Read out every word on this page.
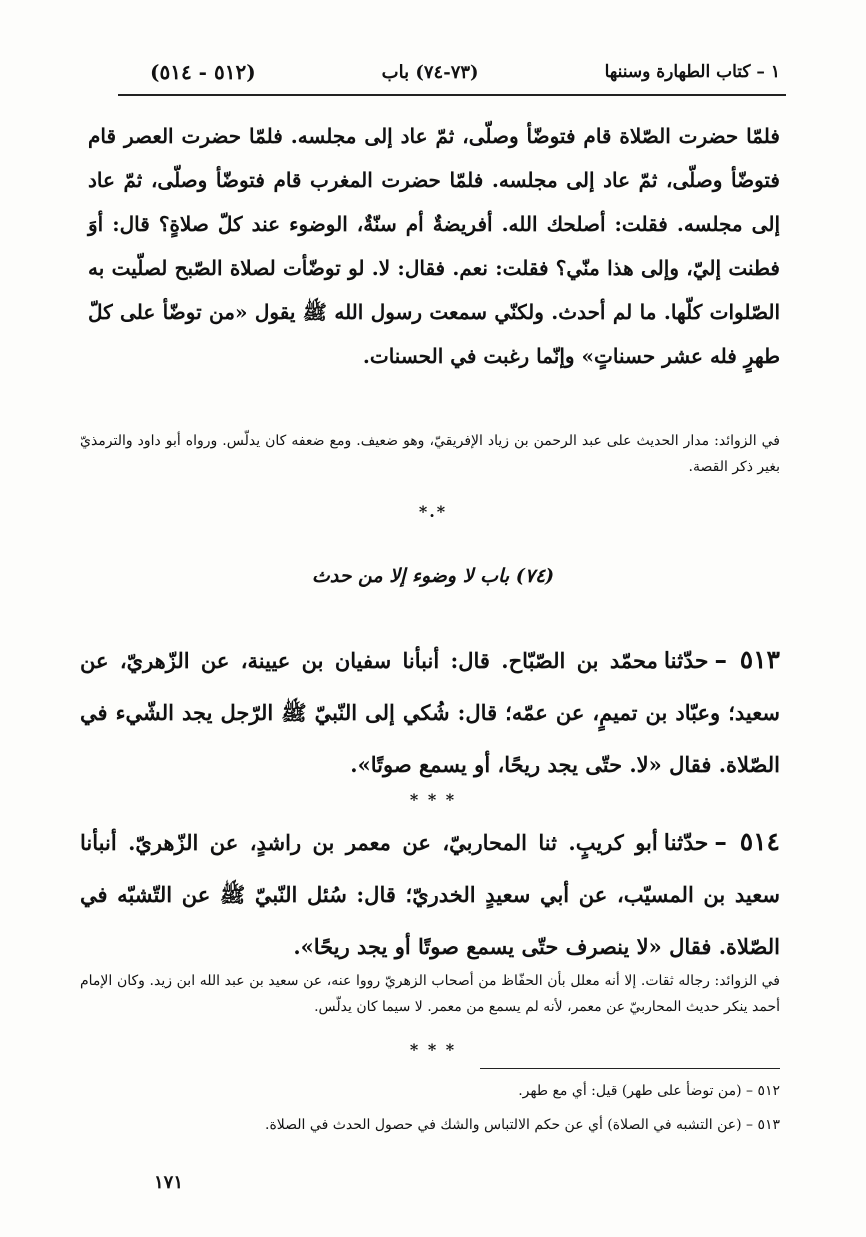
١ – كتاب الطهارة وسننها
(٧٣-٧٤) باب
(٥١٢ - ٥١٤)

فلمّا حضرت الصّلاة قام فتوضّأ وصلّى، ثمّ عاد إلى مجلسه. فلمّا حضرت العصر قام فتوضّأ وصلّى، ثمّ عاد إلى مجلسه. فلمّا حضرت المغرب قام فتوضّأ وصلّى، ثمّ عاد إلى مجلسه. فقلت: أصلحك الله. أفريضةٌ أم سنّةٌ، الوضوء عند كلّ صلاةٍ؟ قال: أوَ فطنت إليّ، وإلى هذا منّي؟ فقلت: نعم. فقال: لا. لو توضّأت لصلاة الصّبح لصلّيت به الصّلوات كلّها. ما لم أحدث. ولكنّي سمعت رسول الله ﷺ يقول «من توضّأ على كلّ طهرٍ فله عشر حسناتٍ» وإنّما رغبت في الحسنات.

في الزوائد: مدار الحديث على عبد الرحمن بن زياد الإفريقيّ، وهو ضعيف. ومع ضعفه كان يدلّس. ورواه أبو داود والترمذيّ بغير ذكر القصة.

*.*
(٧٤) باب لا وضوء إلا من حدث

٥١٣ –حدّثنامحمّد بن الصّبّاح. قال: أنبأنا سفيان بن عيينة، عن الزّهريّ، عن سعيد؛ وعبّاد بن تميمٍ، عن عمّه؛ قال: شُكي إلى النّبيّ ﷺ الرّجل يجد الشّيء في الصّلاة. فقال «لا. حتّى يجد ريحًا، أو يسمع صوتًا».

* * *

٥١٤ –حدّثناأبو كريبٍ. ثنا المحاربيّ، عن معمر بن راشدٍ، عن الزّهريّ. أنبأنا سعيد بن المسيّب، عن أبي سعيدٍ الخدريّ؛ قال: سُئل النّبيّ ﷺ عن التّشبّه في الصّلاة. فقال «لا ينصرف حتّى يسمع صوتًا أو يجد ريحًا».

في الزوائد: رجاله ثقات. إلا أنه معلل بأن الحفّاظ من أصحاب الزهريّ رووا عنه، عن سعيد بن عبد الله ابن زيد. وكان الإمام أحمد ينكر حديث المحاربيّ عن معمر، لأنه لم يسمع من معمر. لا سيما كان يدلّس.

* * *
٥١٢ – (من توضأ على طهر) قيل: أي مع طهر.
٥١٣ – (عن التشبه في الصلاة) أي عن حكم الالتباس والشك في حصول الحدث في الصلاة.
١٧١
